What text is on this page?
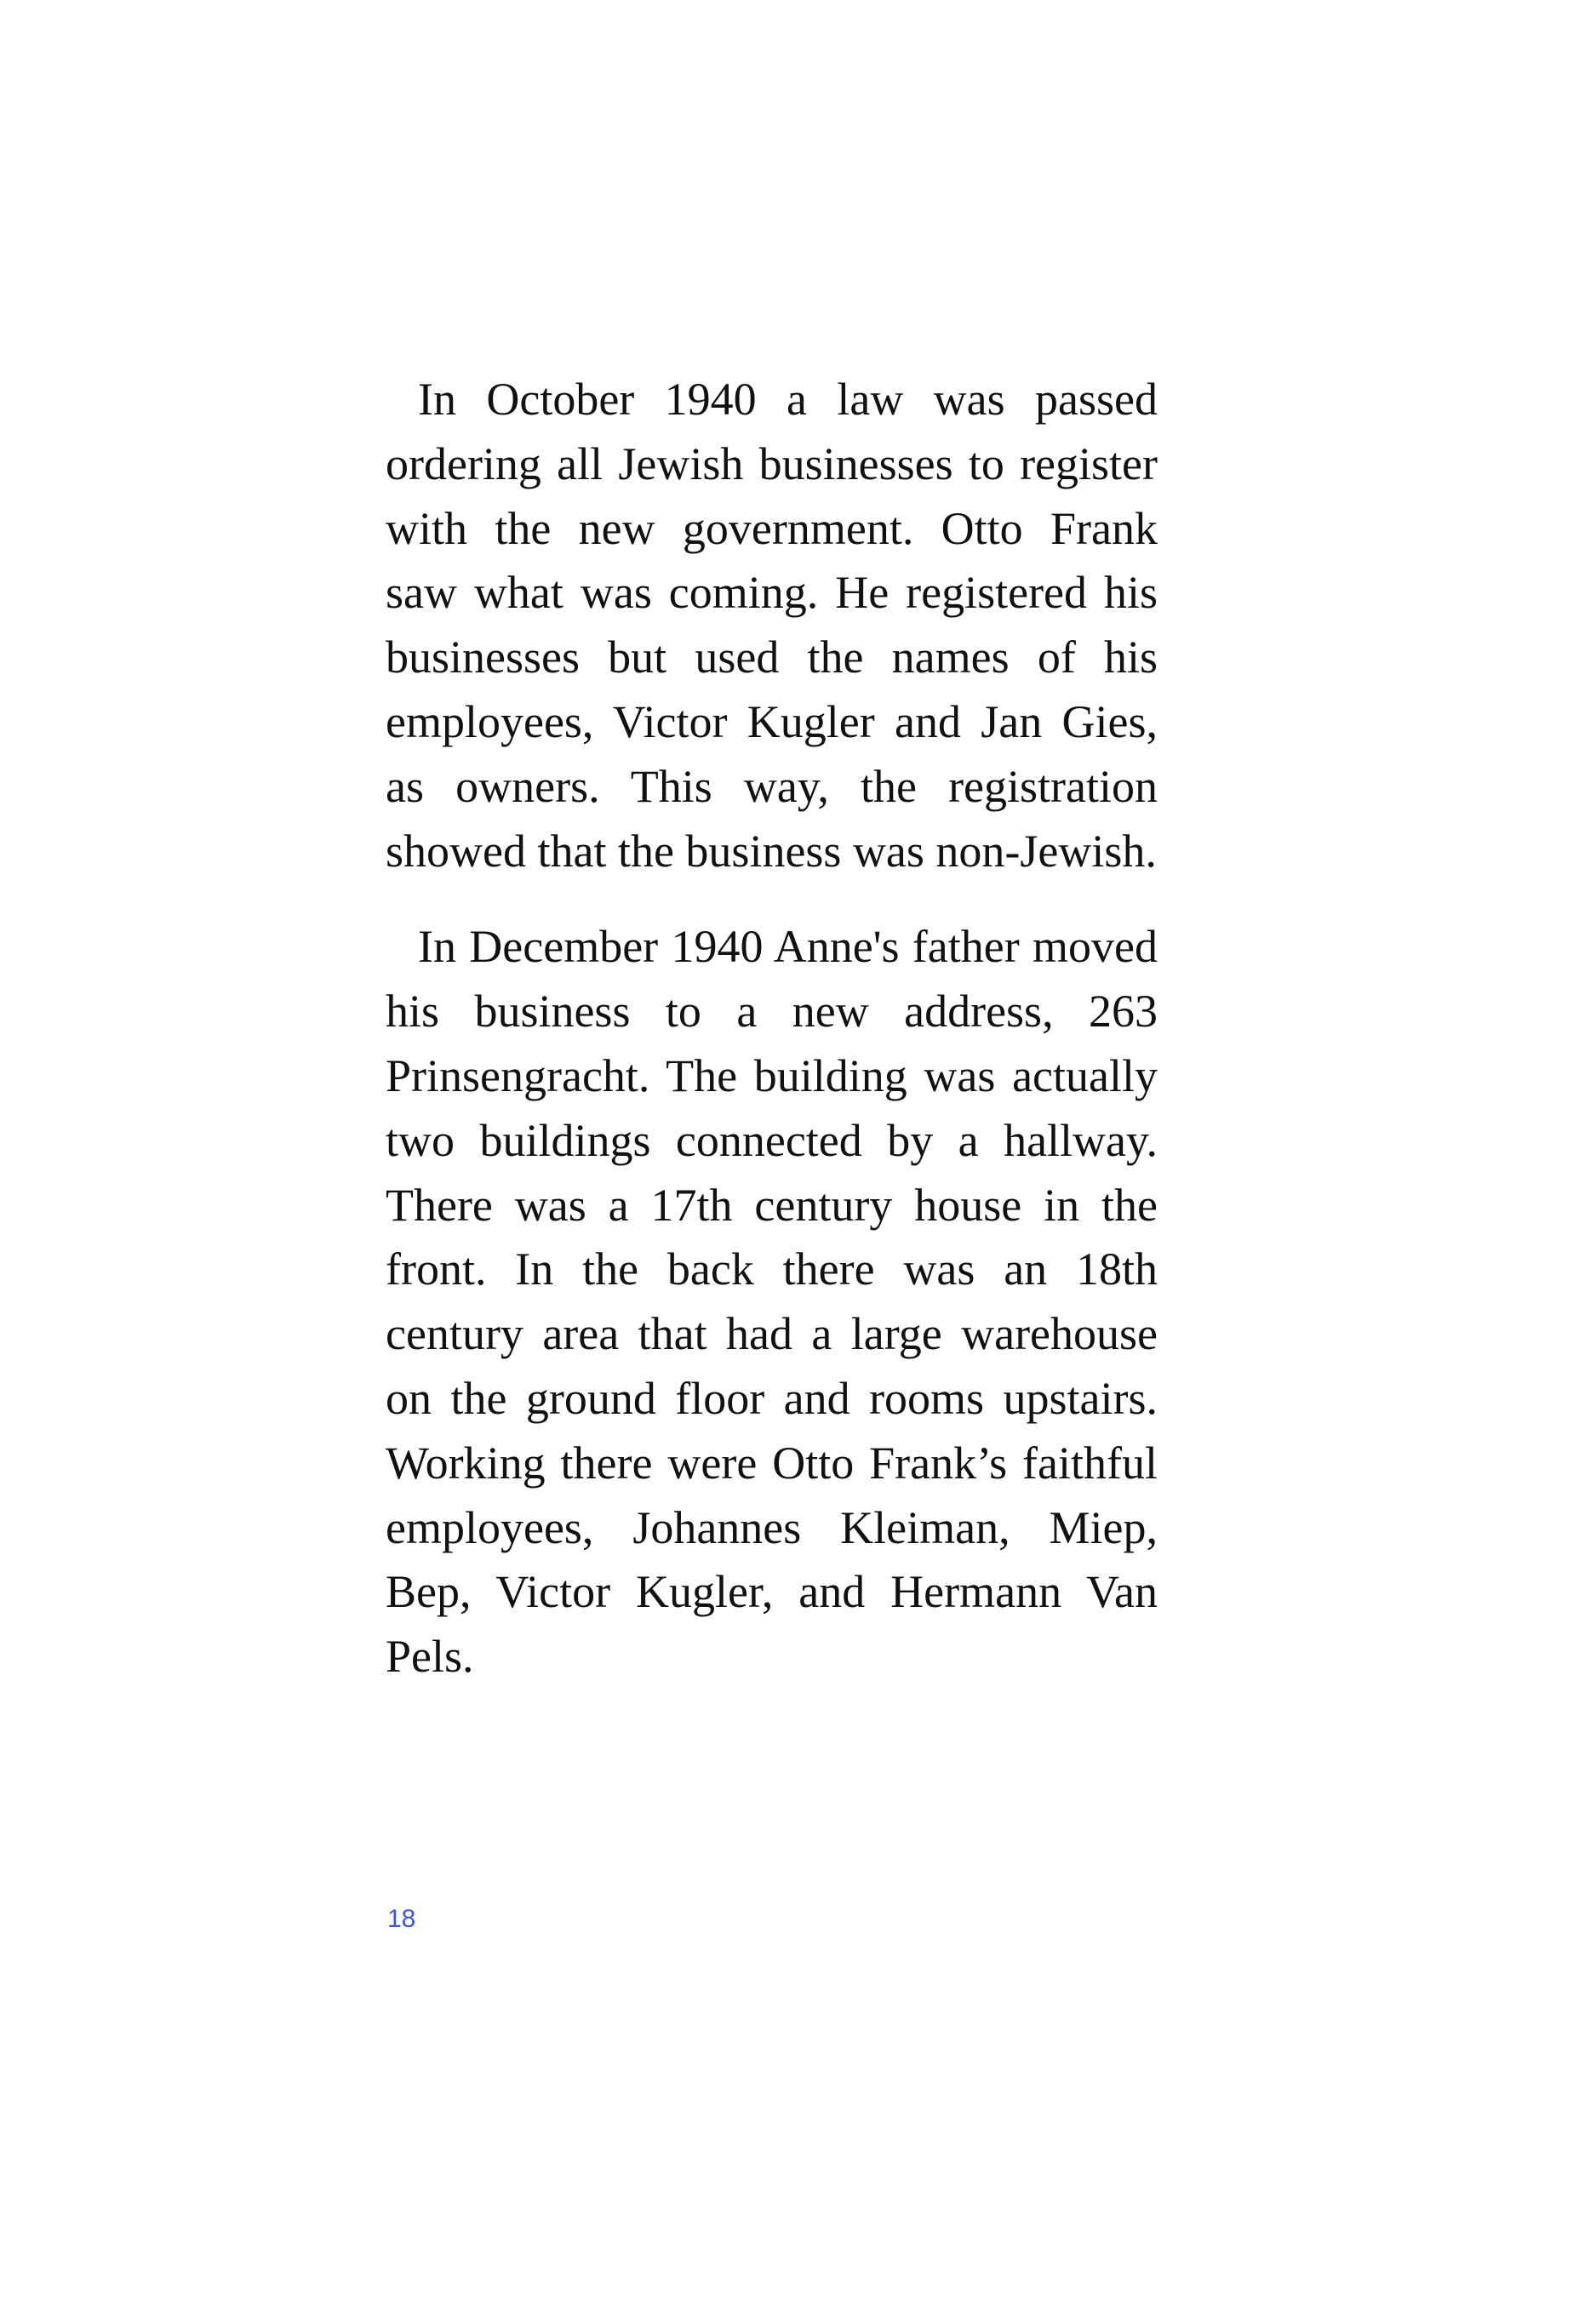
In October 1940 a law was passed ordering all Jewish businesses to register with the new government. Otto Frank saw what was coming. He registered his businesses but used the names of his employees, Victor Kugler and Jan Gies, as owners. This way, the registration showed that the business was non-Jewish.

In December 1940 Anne's father moved his business to a new address, 263 Prinsengracht. The building was actually two buildings connected by a hallway. There was a 17th century house in the front. In the back there was an 18th century area that had a large warehouse on the ground floor and rooms upstairs. Working there were Otto Frank’s faithful employees, Johannes Kleiman, Miep, Bep, Victor Kugler, and Hermann Van Pels.

18
